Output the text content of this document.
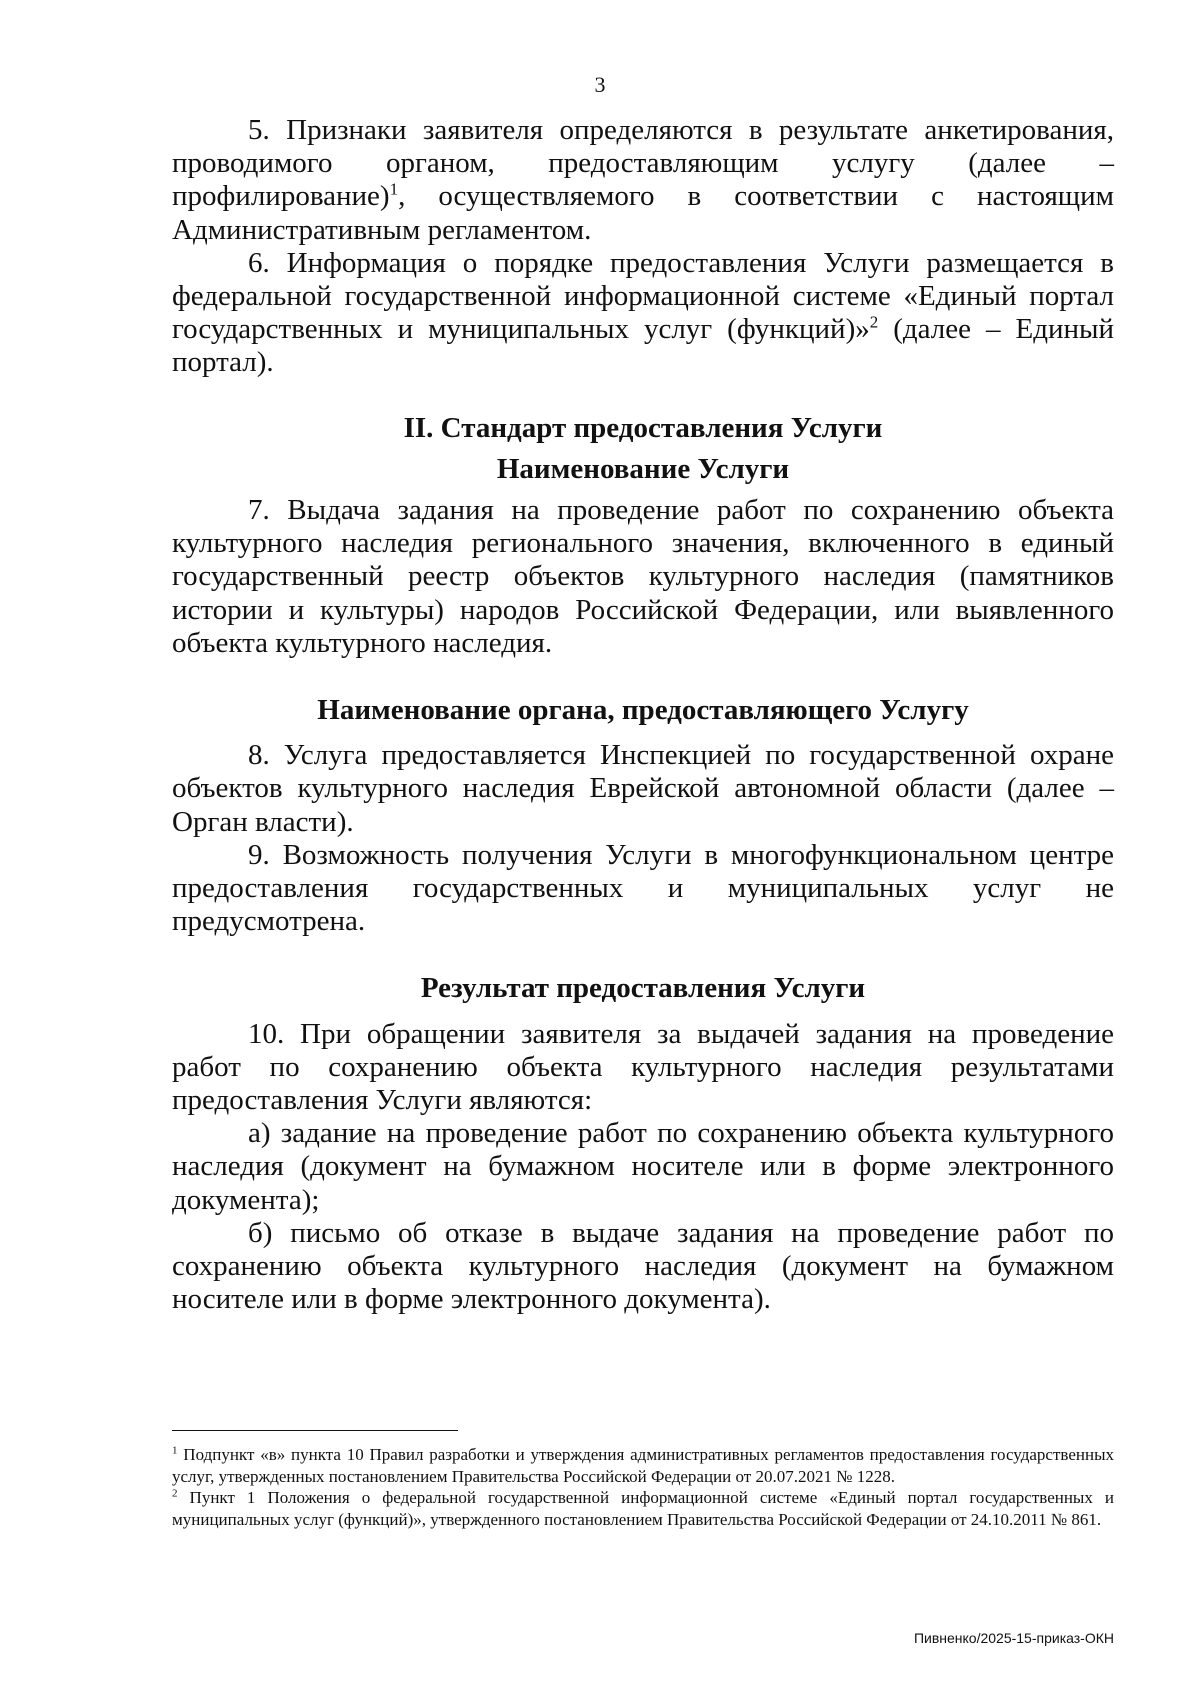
3

5. Признаки заявителя определяются в результате анкетирования, проводимого органом, предоставляющим услугу (далее – профилирование)$^1$, осуществляемого в соответствии с настоящим Административным регламентом.

6. Информация о порядке предоставления Услуги размещается в федеральной государственной информационной системе «Единый портал государственных и муниципальных услуг (функций)»$^2$ (далее – Единый портал).

II. Стандарт предоставления Услуги
Наименование Услуги

7. Выдача задания на проведение работ по сохранению объекта культурного наследия регионального значения, включенного в единый государственный реестр объектов культурного наследия (памятников истории и культуры) народов Российской Федерации, или выявленного объекта культурного наследия.

Наименование органа, предоставляющего Услугу

8. Услуга предоставляется Инспекцией по государственной охране объектов культурного наследия Еврейской автономной области (далее – Орган власти).

9. Возможность получения Услуги в многофункциональном центре предоставления государственных и муниципальных услуг не предусмотрена.

Результат предоставления Услуги

10. При обращении заявителя за выдачей задания на проведение работ по сохранению объекта культурного наследия результатами предоставления Услуги являются:

а) задание на проведение работ по сохранению объекта культурного наследия (документ на бумажном носителе или в форме электронного документа);

б) письмо об отказе в выдаче задания на проведение работ по сохранению объекта культурного наследия (документ на бумажном носителе или в форме электронного документа).

$^1$ Подпункт «в» пункта 10 Правил разработки и утверждения административных регламентов предоставления государственных услуг, утвержденных постановлением Правительства Российской Федерации от 20.07.2021 № 1228.

$^2$ Пункт 1 Положения о федеральной государственной информационной системе «Единый портал государственных и муниципальных услуг (функций)», утвержденного постановлением Правительства Российской Федерации от 24.10.2011 № 861.

Пивненко/2025-15-приказ-ОКН
